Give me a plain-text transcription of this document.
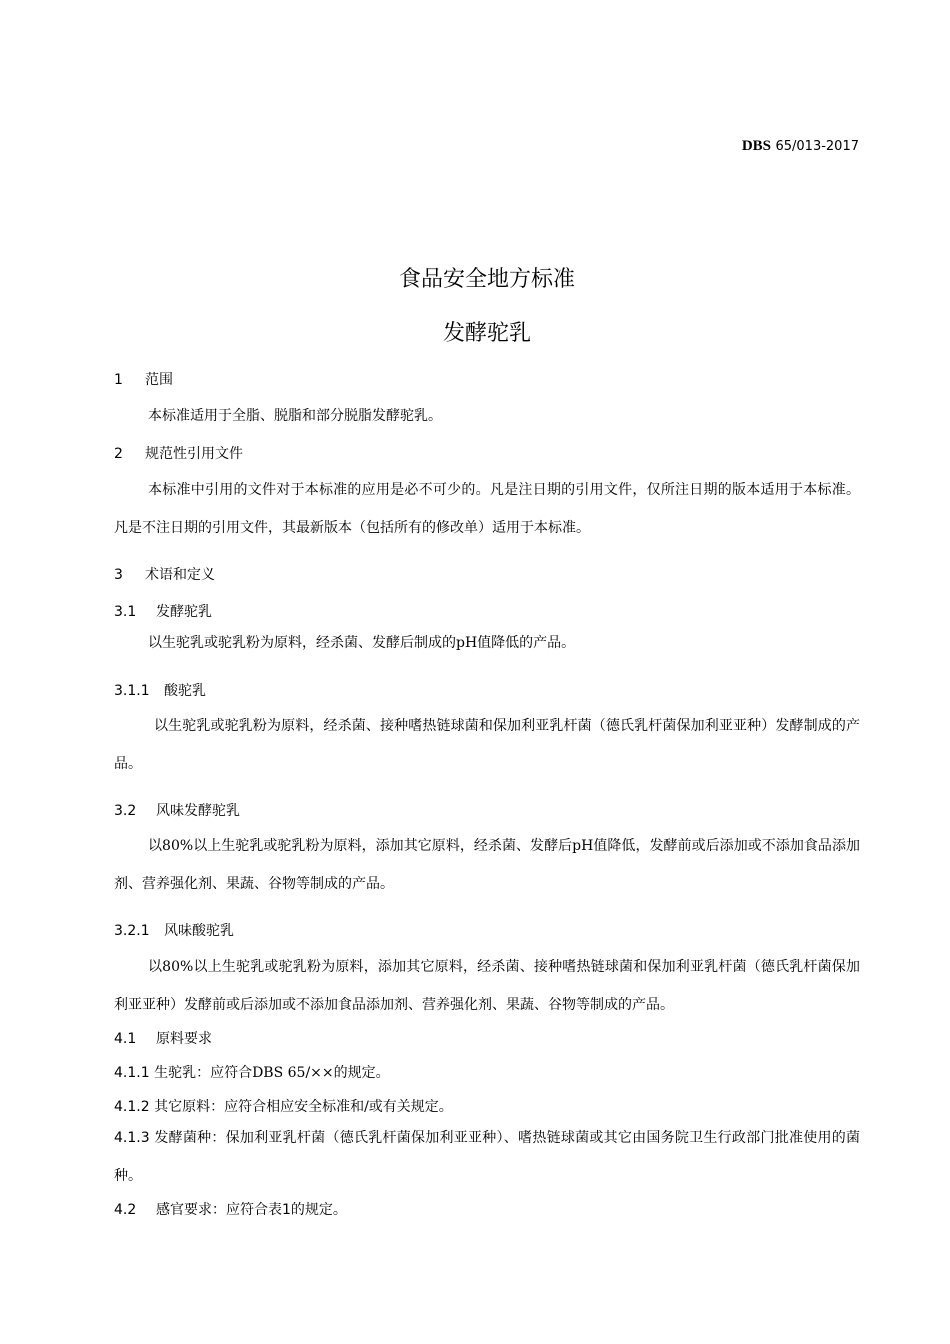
DBS 65/013-2017
食品安全地方标准
发酵驼乳
1 范围
本标准适用于全脂、脱脂和部分脱脂发酵驼乳。
2 规范性引用文件
本标准中引用的文件对于本标准的应用是必不可少的。凡是注日期的引用文件，仅所注日期的版本适用于本标准。凡是不注日期的引用文件，其最新版本（包括所有的修改单）适用于本标准。
3 术语和定义
3.1 发酵驼乳
以生驼乳或驼乳粉为原料，经杀菌、发酵后制成的pH值降低的产品。
3.1.1 酸驼乳
以生驼乳或驼乳粉为原料，经杀菌、接种嗜热链球菌和保加利亚乳杆菌（德氏乳杆菌保加利亚亚种）发酵制成的产品。
3.2 风味发酵驼乳
以80%以上生驼乳或驼乳粉为原料，添加其它原料，经杀菌、发酵后pH值降低，发酵前或后添加或不添加食品添加剂、营养强化剂、果蔬、谷物等制成的产品。
3.2.1 风味酸驼乳
以80%以上生驼乳或驼乳粉为原料，添加其它原料，经杀菌、接种嗜热链球菌和保加利亚乳杆菌（德氏乳杆菌保加利亚亚种）发酵前或后添加或不添加食品添加剂、营养强化剂、果蔬、谷物等制成的产品。
4.1 原料要求
4.1.1 生驼乳：应符合DBS 65/××的规定。
4.1.2 其它原料：应符合相应安全标准和/或有关规定。
4.1.3 发酵菌种：保加利亚乳杆菌（德氏乳杆菌保加利亚亚种）、嗜热链球菌或其它由国务院卫生行政部门批准使用的菌种。
4.2 感官要求：应符合表1的规定。
